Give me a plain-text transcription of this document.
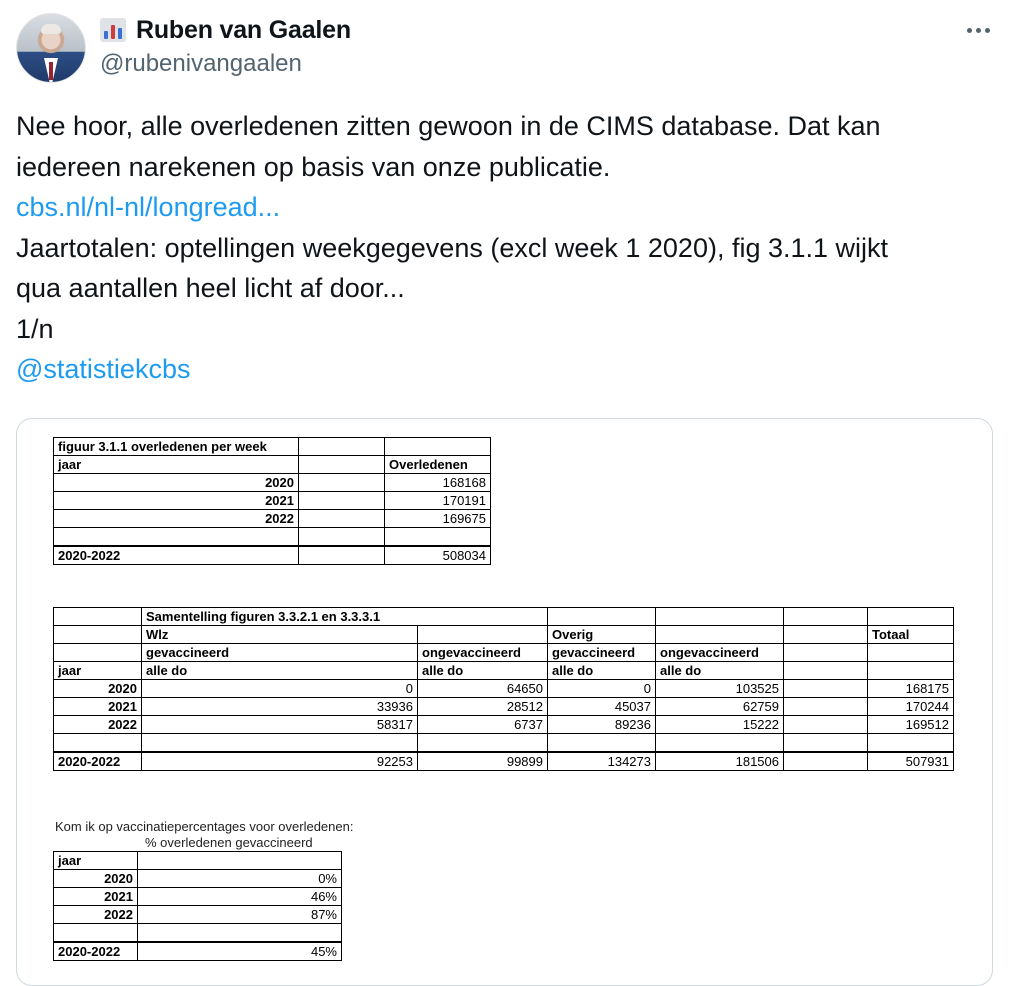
Ruben van Gaalen
@rubenivangaalen
Nee hoor, alle overledenen zitten gewoon in de CIMS database. Dat kan
iedereen narekenen op basis van onze publicatie.
cbs.nl/nl-nl/longread...
Jaartotalen: optellingen weekgegevens (excl week 1 2020), fig 3.1.1 wijkt
qua aantallen heel licht af door...
1/n
@statistiekcbs
figuur 3.1.1 overledenen per week		
jaar		Overledenen
2020		168168
2021		170191
2022		169675

2020-2022		508034
	Samentelling figuren 3.3.2.1 en 3.3.3.1					
	Wlz		Overig			Totaal
	gevaccineerd	ongevaccineerd	gevaccineerd	ongevaccineerd		
jaar	alle do	alle do	alle do	alle do		
2020	0	64650	0	103525		168175
2021	33936	28512	45037	62759		170244
2022	58317	6737	89236	15222		169512

2020-2022	92253	99899	134273	181506		507931
Kom ik op vaccinatiepercentages voor overledenen:
% overledenen gevaccineerd
jaar	
2020	0%
2021	46%
2022	87%

2020-2022	45%
